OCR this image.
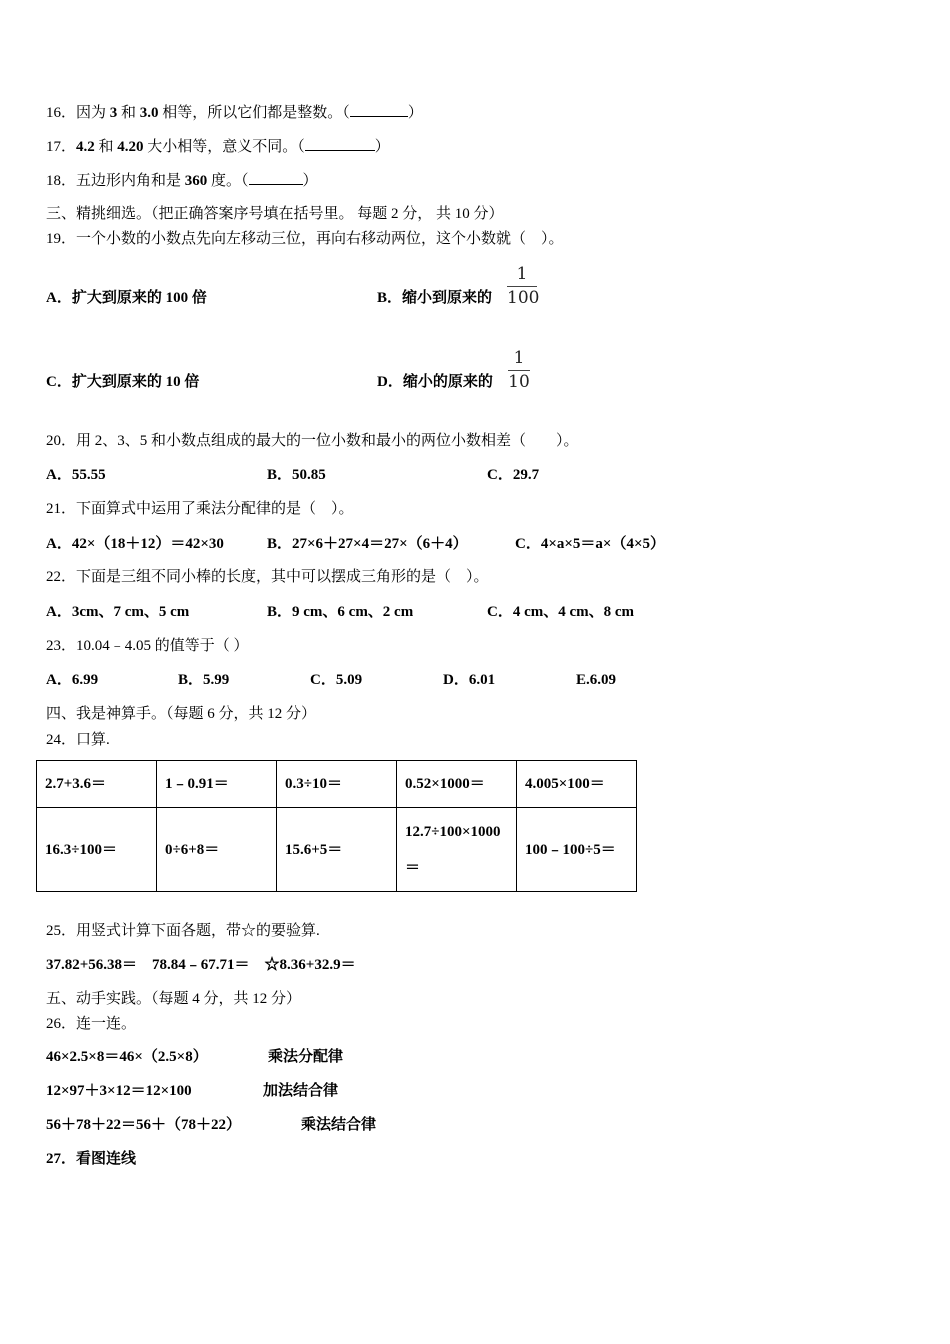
16．因为 3 和 3.0 相等，所以它们都是整数。（	）
17．4.2 和 4.20 大小相等，意义不同。（	）
18．五边形内角和是 360 度。（	）
三、精挑细选。（把正确答案序号填在括号里。 每题 2 分， 共 10 分）
19．一个小数的小数点先向左移动三位，再向右移动两位，这个小数就（　）。
A．扩大到原来的 100 倍	B．缩小到原来的
1
100
C．扩大到原来的 10 倍	D．缩小的原来的
1
10
20．用 2、3、5 和小数点组成的最大的一位小数和最小的两位小数相差（　　）。
A．55.55	B．50.85	C．29.7
21．下面算式中运用了乘法分配律的是（　）。
A．42×（18＋12）＝42×30	B．27×6＋27×4＝27×（6＋4）	C．4×a×5＝a×（4×5）
22．下面是三组不同小棒的长度，其中可以摆成三角形的是（　）。
A．3cm、7 cm、5 cm	B．9 cm、6 cm、2 cm	C．4 cm、4 cm、8 cm
23．10.04﹣4.05 的值等于（ ）
A．6.99	B．5.99	C．5.09	D．6.01	E.6.09
四、我是神算手。（每题 6 分，共 12 分）
24．口算.
2.7+3.6＝	1﹣0.91＝	0.3÷10＝	0.52×1000＝	4.005×100＝
16.3÷100＝	0÷6+8＝	15.6+5＝	12.7÷100×1000
＝	100﹣100÷5＝
25．用竖式计算下面各题，带☆的要验算.
37.82+56.38＝　78.84﹣67.71＝　☆8.36+32.9＝
五、动手实践。（每题 4 分，共 12 分）
26．连一连。
46×2.5×8＝46×（2.5×8）	乘法分配律
12×97＋3×12＝12×100	加法结合律
56＋78＋22＝56＋（78＋22）	乘法结合律
27．看图连线
